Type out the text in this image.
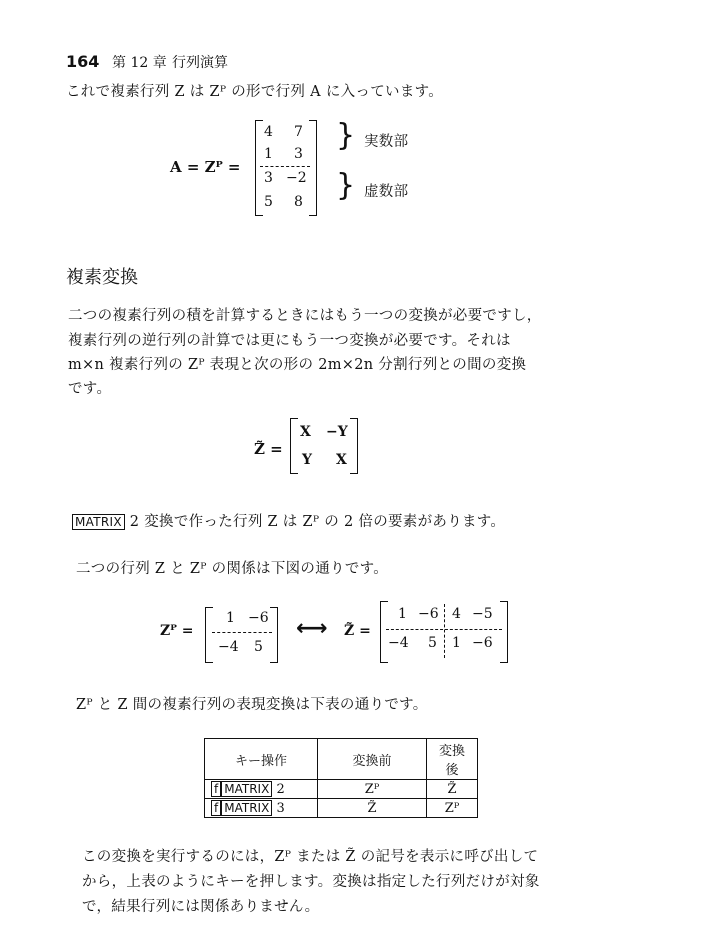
164 第 12 章 行列演算
これで複素行列 Z は Zᴾ の形で行列 A に入っています。
A = Zᴾ =
4 7
1 3
3 −2
5 8
}
}
実数部
虚数部
複素変換
二つの複素行列の積を計算するときにはもう一つの変換が必要ですし，
複素行列の逆行列の計算では更にもう一つ変換が必要です。それは
m×n 複素行列の Zᴾ 表現と次の形の 2m×2n 分割行列との間の変換
です。
Z̃ =
X −Y
Y X
MATRIX 2 変換で作った行列 Z は Zᴾ の 2 倍の要素があります。
二つの行列 Z と Zᴾ の関係は下図の通りです。
Zᴾ =
1 −6
−4 5
⟷ Z̃ =
1 −6 4 −5
−4 5 1 −6
Zᴾ と Z 間の複素行列の表現変換は下表の通りです。
キー操作	変換前	変換後
f MATRIX 2	Zᴾ	Z̃
f MATRIX 3	Z̃	Zᴾ
この変換を実行するのには，Zᴾ または Z̃ の記号を表示に呼び出して
から，上表のようにキーを押します。変換は指定した行列だけが対象
で，結果行列には関係ありません。
